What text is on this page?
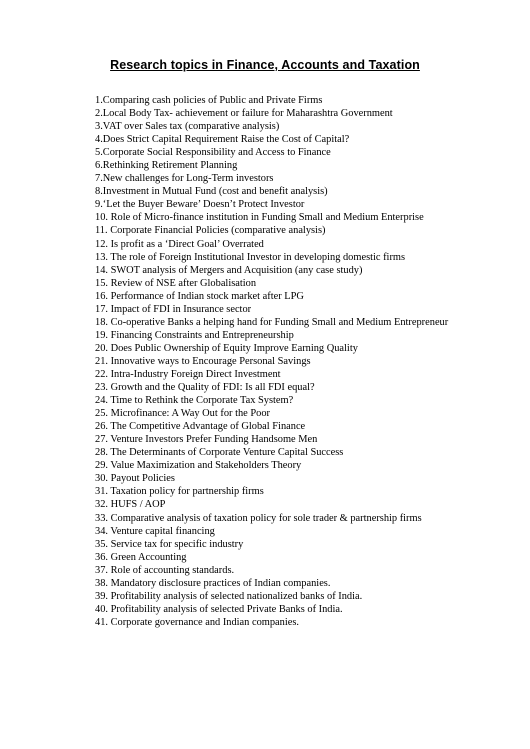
Research topics in Finance, Accounts and Taxation
1.Comparing cash policies of Public and Private Firms
2.Local Body Tax- achievement or failure for Maharashtra Government
3.VAT over Sales tax (comparative analysis)
4.Does Strict Capital Requirement Raise the Cost of Capital?
5.Corporate Social Responsibility and Access to Finance
6.Rethinking Retirement Planning
7.New challenges for Long-Term investors
8.Investment in Mutual Fund (cost and benefit analysis)
9.‘Let the Buyer Beware’ Doesn’t Protect Investor
10. Role of Micro-finance institution in Funding Small and Medium Enterprise
11. Corporate Financial Policies (comparative analysis)
12. Is profit as a ‘Direct Goal’ Overrated
13. The role of Foreign Institutional Investor in developing domestic firms
14. SWOT analysis of Mergers and Acquisition (any case study)
15. Review of NSE after Globalisation
16. Performance of Indian stock market after LPG
17. Impact of FDI in Insurance sector
18. Co-operative Banks a helping hand for Funding Small and Medium Entrepreneur
19. Financing Constraints and Entrepreneurship
20. Does Public Ownership of Equity Improve Earning Quality
21. Innovative ways to Encourage Personal Savings
22. Intra-Industry Foreign Direct Investment
23. Growth and the Quality of FDI: Is all FDI equal?
24. Time to Rethink the Corporate Tax System?
25. Microfinance: A Way Out for the Poor
26. The Competitive Advantage of Global Finance
27. Venture Investors Prefer Funding Handsome Men
28. The Determinants of Corporate Venture Capital Success
29. Value Maximization and Stakeholders Theory
30. Payout Policies
31. Taxation policy for partnership firms
32. HUFS / AOP
33. Comparative analysis of taxation policy for sole trader & partnership firms
34. Venture capital financing
35. Service tax for specific industry
36. Green Accounting
37. Role of accounting standards.
38. Mandatory disclosure practices of Indian companies.
39. Profitability analysis of selected nationalized banks of India.
40. Profitability analysis of selected Private Banks of India.
41. Corporate governance and Indian companies.
